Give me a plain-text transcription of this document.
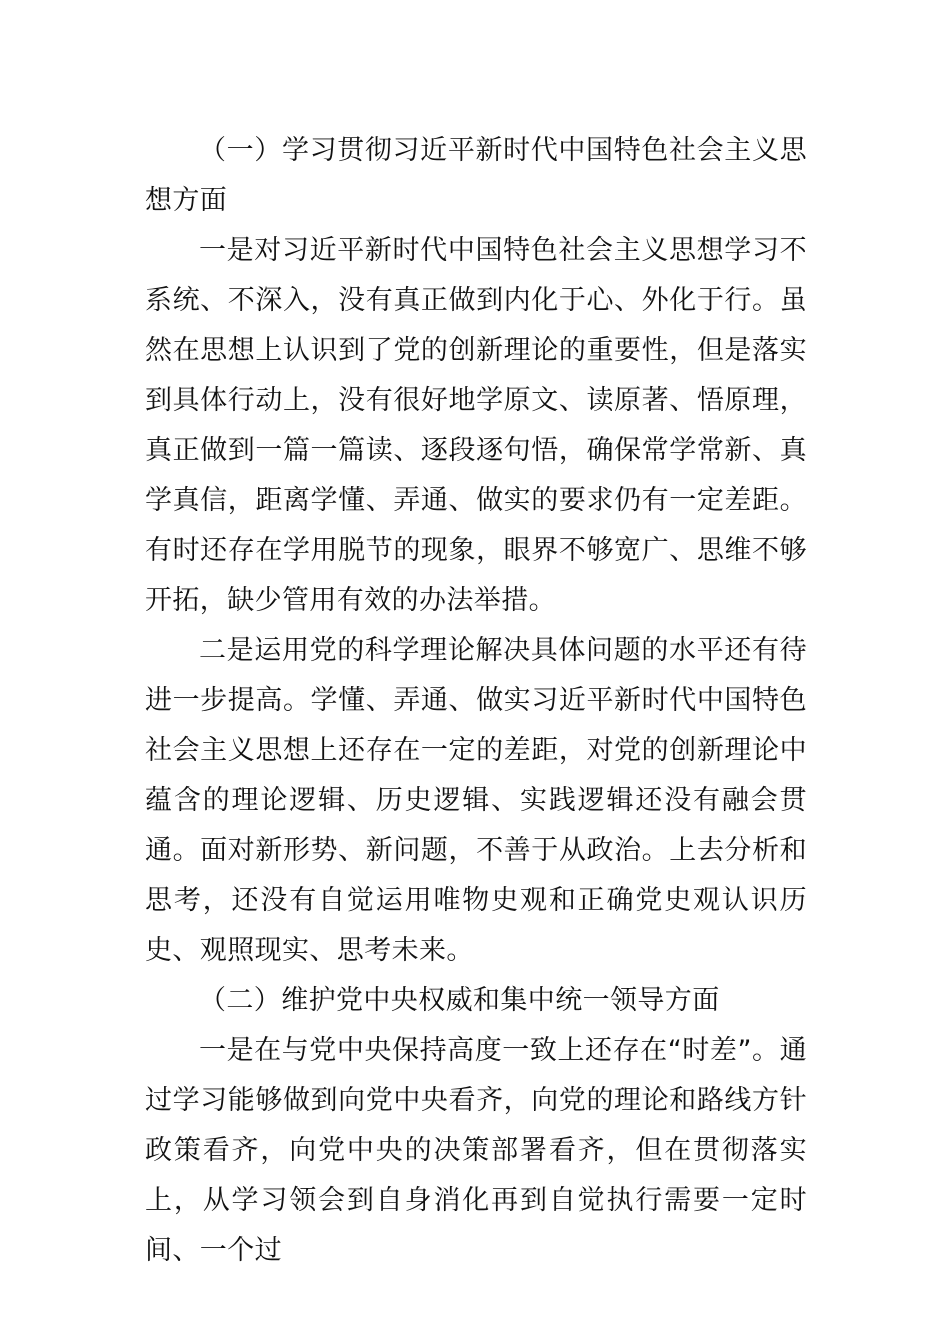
（一）学习贯彻习近平新时代中国特色社会主义思想方面

一是对习近平新时代中国特色社会主义思想学习不系统、不深入，没有真正做到内化于心、外化于行。虽然在思想上认识到了党的创新理论的重要性，但是落实到具体行动上，没有很好地学原文、读原著、悟原理，真正做到一篇一篇读、逐段逐句悟，确保常学常新、真学真信，距离学懂、弄通、做实的要求仍有一定差距。有时还存在学用脱节的现象，眼界不够宽广、思维不够开拓，缺少管用有效的办法举措。

二是运用党的科学理论解决具体问题的水平还有待进一步提高。学懂、弄通、做实习近平新时代中国特色社会主义思想上还存在一定的差距，对党的创新理论中蕴含的理论逻辑、历史逻辑、实践逻辑还没有融会贯通。面对新形势、新问题，不善于从政治。上去分析和思考，还没有自觉运用唯物史观和正确党史观认识历史、观照现实、思考未来。

（二）维护党中央权威和集中统一领导方面

一是在与党中央保持高度一致上还存在“时差”。通过学习能够做到向党中央看齐，向党的理论和路线方针政策看齐，向党中央的决策部署看齐，但在贯彻落实上，从学习领会到自身消化再到自觉执行需要一定时间、一个过
